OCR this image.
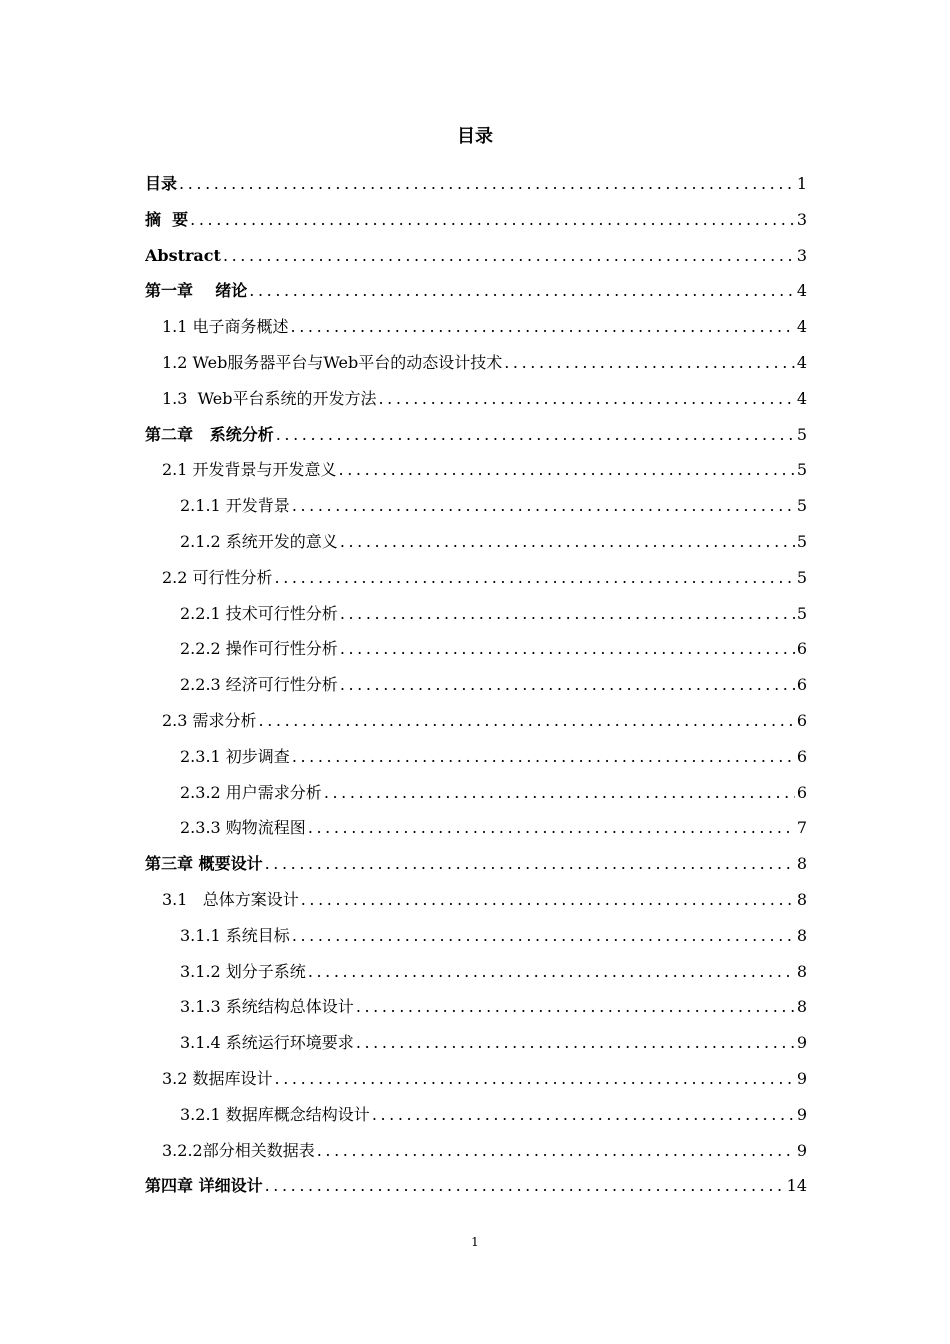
目录
目录 .....	1
摘  要 .....	3
Abstract .....	3
第一章    绪论 .....	4
1.1 电子商务概述 .....	4
1.2 Web服务器平台与Web平台的动态设计技术 .....	4
1.3  Web平台系统的开发方法 .....	4
第二章   系统分析 .....	5
2.1 开发背景与开发意义 .....	5
2.1.1 开发背景 .....	5
2.1.2 系统开发的意义 .....	5
2.2 可行性分析 .....	5
2.2.1 技术可行性分析 .....	5
2.2.2 操作可行性分析 .....	6
2.2.3 经济可行性分析 .....	6
2.3 需求分析 .....	6
2.3.1 初步调查 .....	6
2.3.2 用户需求分析 .....	6
2.3.3 购物流程图 .....	7
第三章 概要设计 .....	8
3.1   总体方案设计 .....	8
3.1.1 系统目标 .....	8
3.1.2 划分子系统 .....	8
3.1.3 系统结构总体设计 .....	8
3.1.4 系统运行环境要求 .....	9
3.2 数据库设计 .....	9
3.2.1 数据库概念结构设计 .....	9
3.2.2部分相关数据表 .....	9
第四章 详细设计 .....	14
1
